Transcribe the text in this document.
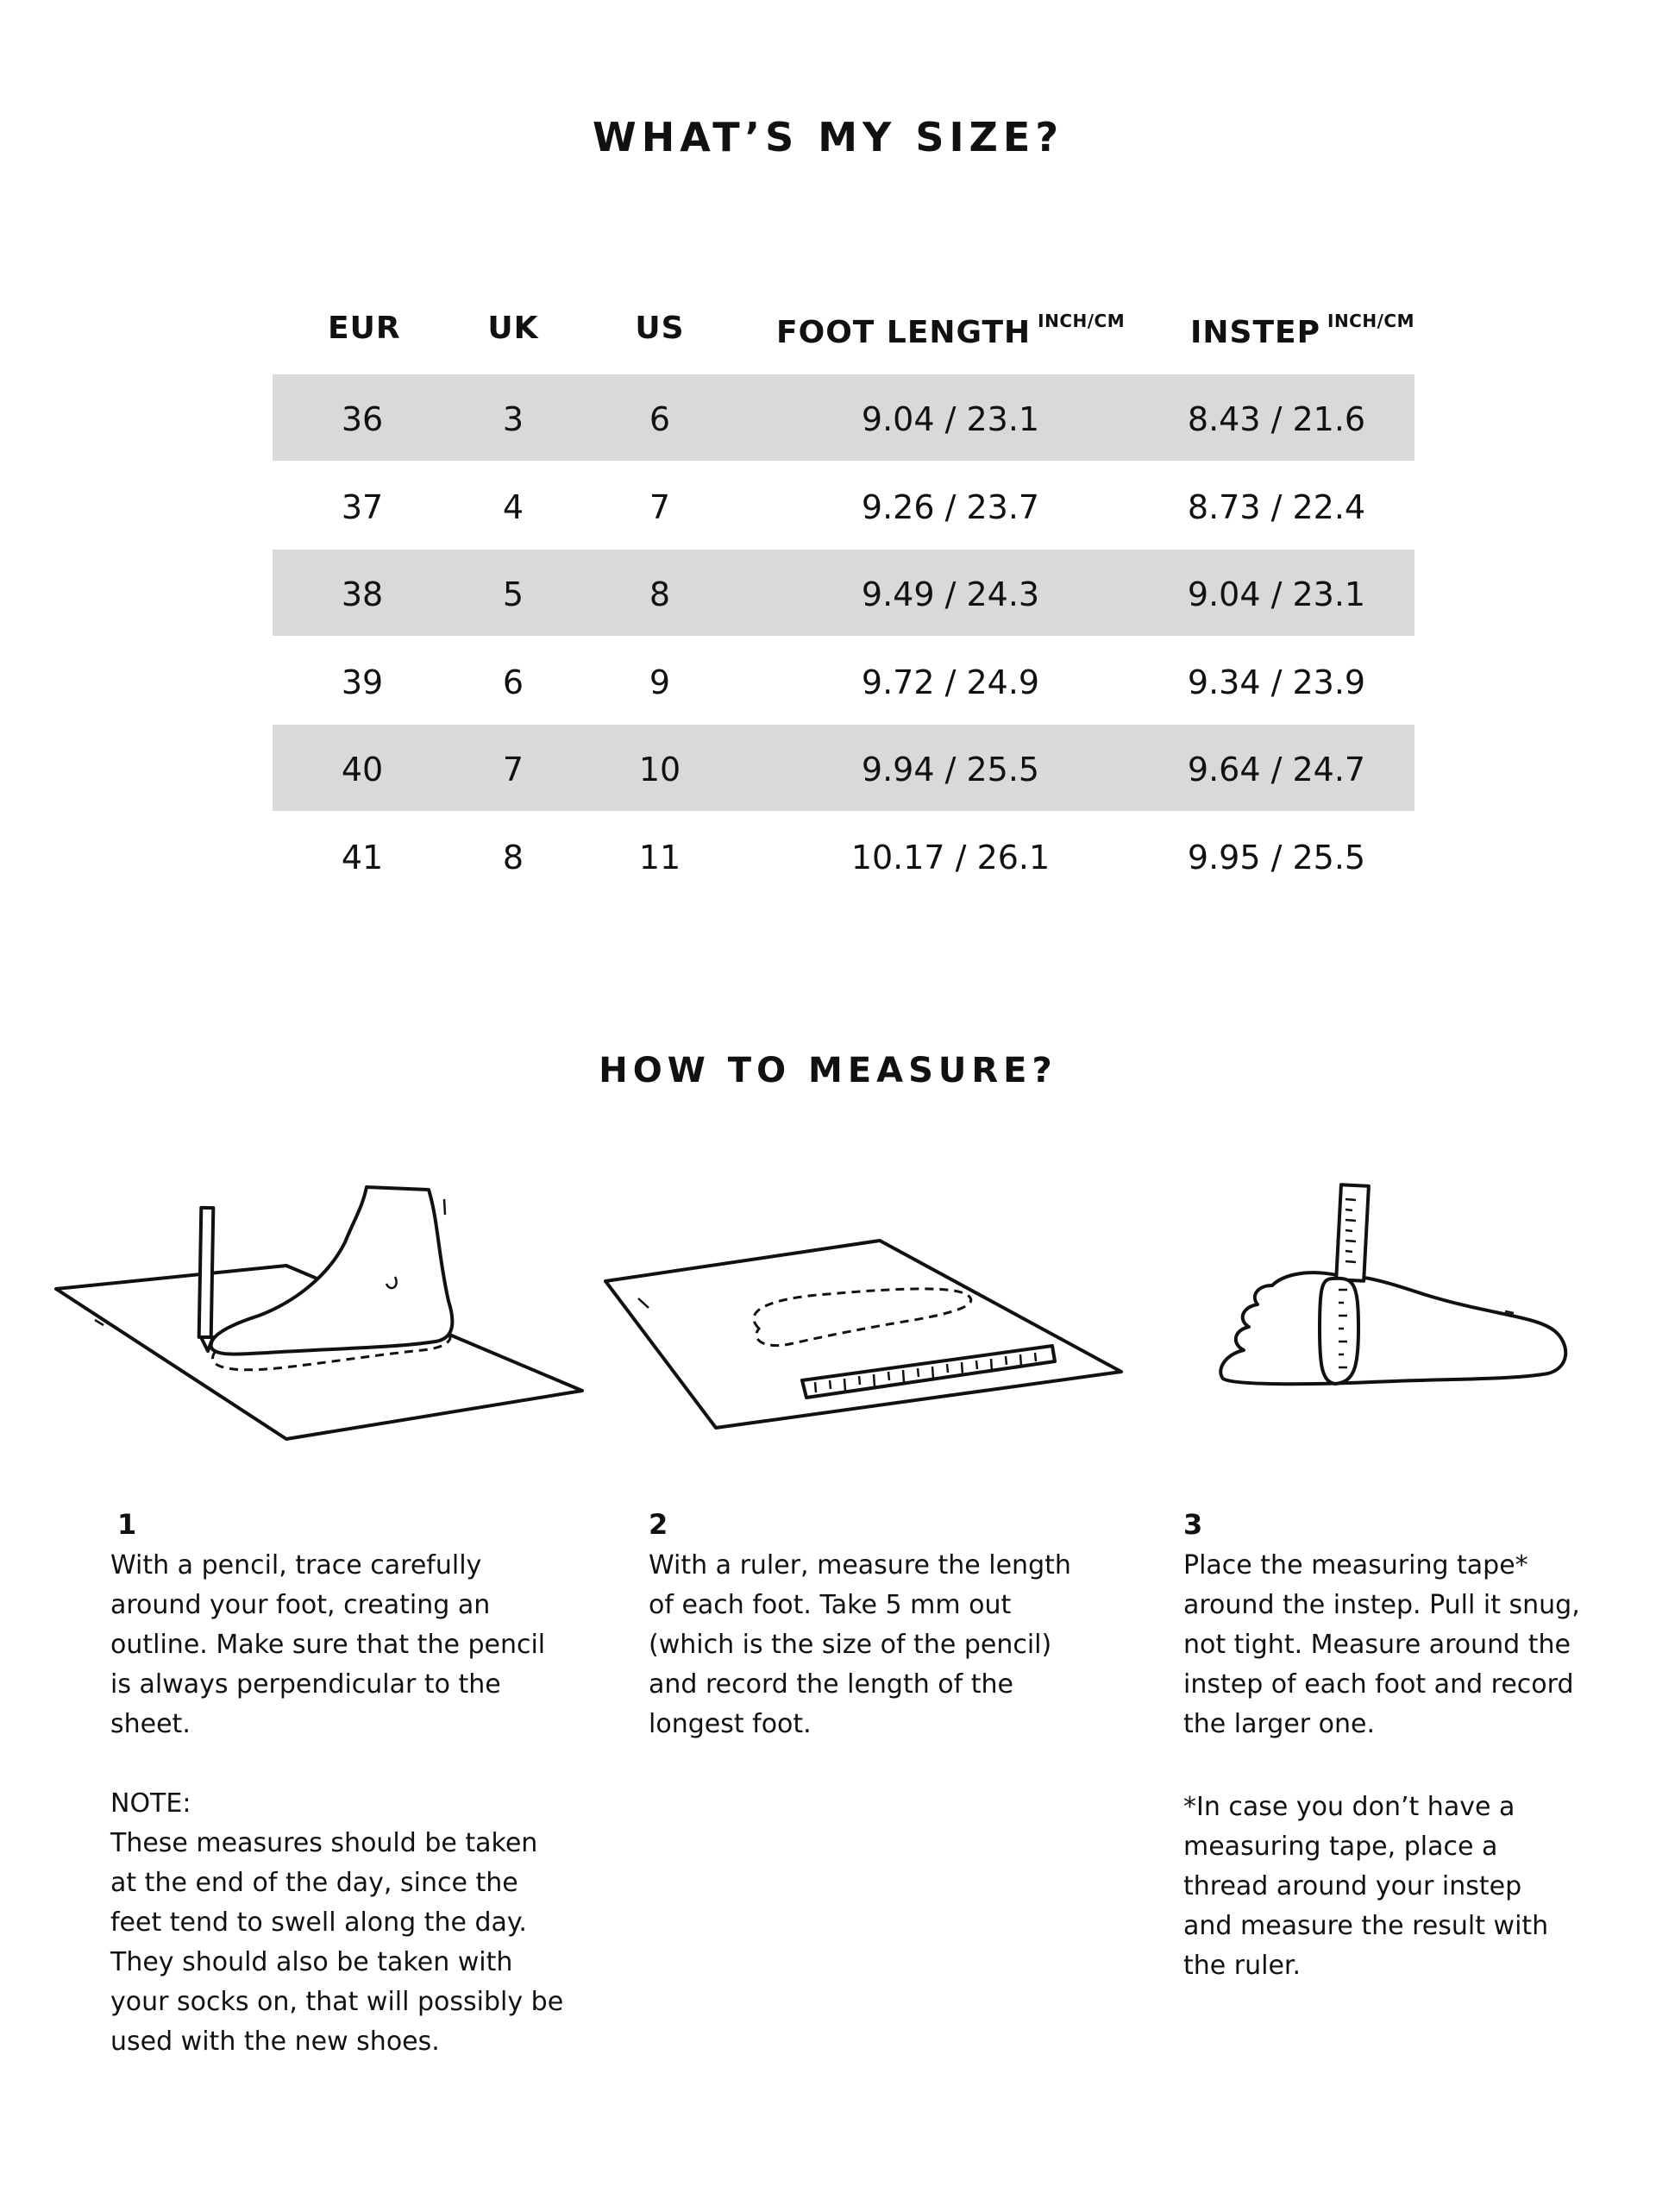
WHAT’S MY SIZE?
EUR	UK	US	FOOT LENGTH $^{INCH/CM}$	INSTEP $^{INCH/CM}$
36	3	6	9.04 / 23.1	8.43 / 21.6
37	4	7	9.26 / 23.7	8.73 / 22.4
38	5	8	9.49 / 24.3	9.04 / 23.1
39	6	9	9.72 / 24.9	9.34 / 23.9
40	7	10	9.94 / 25.5	9.64 / 24.7
41	8	11	10.17 / 26.1	9.95 / 25.5
HOW TO MEASURE?
1
With a pencil, trace carefully
around your foot, creating an
outline. Make sure that the pencil
is always perpendicular to the
sheet.
NOTE:
These measures should be taken
at the end of the day, since the
feet tend to swell along the day.
They should also be taken with
your socks on, that will possibly be
used with the new shoes.
2
With a ruler, measure the length
of each foot. Take 5 mm out
(which is the size of the pencil)
and record the length of the
longest foot.
3
Place the measuring tape*
around the instep. Pull it snug,
not tight. Measure around the
instep of each foot and record
the larger one.
*In case you don’t have a
measuring tape, place a
thread around your instep
and measure the result with
the ruler.
